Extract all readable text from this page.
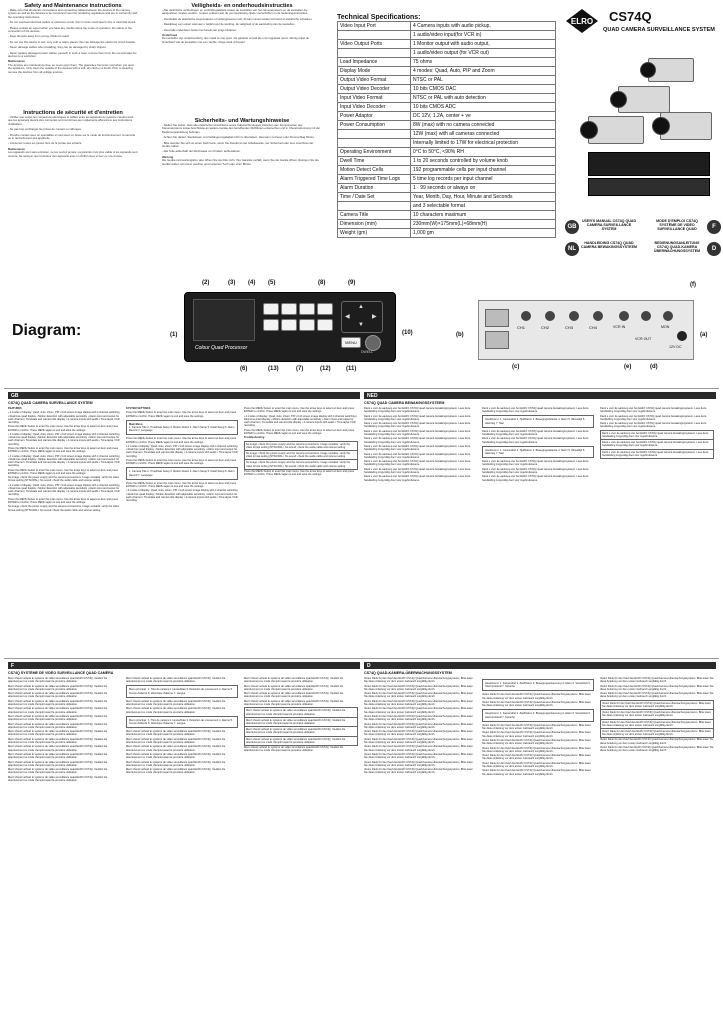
Safety and Maintenance instructions

- Make sure that all electric connections and connecting cables between the devices of the camera system as well as the devices to be connected meet the pertaining regulations and are in conformity with the operating instructions.

- Do not overload electrical outlets or extension cords, this in return could lead to fire or electrical shock.

- Please contact an expert when you have any doubts about the mode of operation, the safety or the connection of the devices.

- Keep all parts away from young children's reach.

- Do not use this device in wet, very cold or warm places; this can damage the electronic circuit boards.

- Never damage cables when installing; they can be damaged by sharp objects.

- Never replace damaged power cables yourself; in such a case, remove them from the net and take the devices to a workshop.

Maintenance

The devices are maintenance-free, so never open them. The guarantee becomes void when you open the appliance. Only clean the outside of the devices with a soft, dry cloth or a brush. Prior to cleaning, remove the devices from all voltage sources.

Instructions de sécurité et d'entretien

- Vérifier que toutes les connexions électriques et câbles entre les appareils du système caméra ainsi que les appareils devant être connectés sont conformes aux règlements afférents et aux instructions d'utilisation.

- Ne pas trop surcharger les prises de courant ou rallonges.

- Prendre contact avec un spécialiste si vous avez un doute sur le mode de fonctionnement, la sécurité ou le raccordement des appareils.

- Conserver toutes les pièces hors de la portée des enfants.

Maintenance

Les appareils sont sans entretien, ne les ouvrez jamais. La garantie n'est plus valide si les appareils sont ouverts. Ne nettoyer que l'extérieur des appareils avec un chiffon doux et sec ou une brosse.

Veiligheids- en onderhoudsinstructies

- Alle elektrische verbindingen en verbindingskabels tussen de toestellen van het camerasysteem en de toestellen die aangesloten moeten worden, moeten voldoen aan de van toepassing zijnde voorschriften en de bedieningsinstructies.

- Overbelast de elektrische stopcontacten of verlengsnoeren niet; dit kan immers leiden tot brand of elektrische schokken.

- Raadpleeg een expert wanneer u twijfelt over de werking, de veiligheid of de aansluiting van de toestellen.

- Houd alle onderdelen buiten het bereik van jonge kinderen.

Onderhoud

De toestellen zijn onderhoudsvrij, dus maak ze niet open. De garantie vervalt als u het apparaat opent. Reinig enkel de buitenkant van de toestellen met een zachte, droge doek of borstel.

Sicherheits- und Wartungshinweise

- Stellen Sie sicher, dass alle elektrischen Anschlüsse sowie Kabelverbindungen zwischen den Komponenten des Kamerasystems sowie Anschlüsse an weitere Geräte den betreffenden Richtlinien entsprechen und in Übereinstimmung mit der Bedienungsanleitung befinden.

- Achten Sie darauf, Steckdosen und Verlängerungskabel nicht zu überlasten, dies kann zu Feuer oder Stromschlag führen.

- Bitte wenden Sie sich an einen Fachmann, wenn Sie Zweifel an der Arbeitsweise, der Sicherheit oder dem Anschluss der Geräte haben.

- Alle Teile außerhalb der Reichweite von Kindern aufbewahren.

Wartung

Die Geräte sind wartungsfrei, also öffnen Sie sie bitte nicht. Ihre Garantie verfällt, wenn Sie die Geräte öffnen. Reinigen Sie die Geräte außen mit einem weichen und trockenen Tuch oder einer Bürste.

Technical Specifications:
Video Input Port	4 Camera inputs with audio pickup,
	1 audio/video input(for VCR in)
Video Output Ports	1 Monitor output with audio output,
	1 audio/video output (for VCR out)
Load Impedance	75 ohms
Display Mode	4 modes: Quad, Auto, PIP and Zoom
Output Video Format	NTSC or PAL
Output Video Decoder	10 bits CMOS DAC
Input Video Format	NTSC or PAL with auto detection
Input Video Decoder	10 bits CMOS ADC
Power Adaptor	DC 12V, 1.2A, center + ve
Power Consumption	8W (max) with no camera connected
	12W (max) with all cameras connected
	Internally limited to 17W for electrical protection
Operating Environment	0°C to 50°C, <90% RH
Dwell Time	1 to 20 seconds controlled by volume knob
Motion Detect Cells	192 programmable cells per input channel
Alarm Triggered Time Logs	5 time log records per input channel
Alarm Duration	1 · 99 seconds or always on
Time / Date Set	Year, Month, Day, Hour, Minute and Seconds
	and 3 selectable format
Camera Title	10 characters maximum
Dimension (mm)	230mm(W)×175mm(L)×68mm(H)
Weight (gm)	1,000 gm
ELRO CS74Q
QUAD CAMERA SURVEILLANCE SYSTEM
GB
USER'S MANUAL CS74Q QUAD CAMERA SURVEILLANCE SYSTEM	F
MODE D'EMPLOI CS74Q SYSTÈME DE VIDÉO SURVEILLANCE QUAD
NL
HANDLEIDING CS74Q QUAD CAMERA BEWAKINGSSYSTEEM	D
BEDIENUNGSANLEITUNG CS74Q QUAD-KAMERA ÜBERWACHUNGSSYSTEM
Diagram:	(1)
(2)	(3) (4) (5)
(6)	(7)
(8)	(9)
(10)
(11)
(12)
(13)
▲
▼
◀	▶
MENU
DWELL
Colour Quad Processor
(b)
(c)	(d)
(e)
(a)
(f)
CH1	CH2	CH3	CH4	VCR IN
VCR OUT
MON
12V DC
GB
CS74Q QUAD CAMERA SURVEILLANCE SYSTEM

FEATURES

• 4 modes of display: Quad, Auto, Zoom, PIP • Full screen image display with 4 channel switching • Real time quad display • Motion detection with adjustable sensitivity • Alarm input and output for each channel • Time/date and camera title display • 4 camera inputs with audio • Time-lapse VCR recording.

Press the MENU button to enter the main menu. Use the arrow keys to select an item and press ENTER to confirm. Press MENU again to exit and save the settings.

• 4 modes of display: Quad, Auto, Zoom, PIP • Full screen image display with 4 channel switching • Real time quad display • Motion detection with adjustable sensitivity • Alarm input and output for each channel • Time/date and camera title display • 4 camera inputs with audio • Time-lapse VCR recording.

Press the MENU button to enter the main menu. Use the arrow keys to select an item and press ENTER to confirm. Press MENU again to exit and save the settings.

• 4 modes of display: Quad, Auto, Zoom, PIP • Full screen image display with 4 channel switching • Real time quad display • Motion detection with adjustable sensitivity • Alarm input and output for each channel • Time/date and camera title display • 4 camera inputs with audio • Time-lapse VCR recording.

Press the MENU button to enter the main menu. Use the arrow keys to select an item and press ENTER to confirm. Press MENU again to exit and save the settings.

No image: check the power supply and the camera connections. Image unstable: verify the video format setting (NTSC/PAL). No sound: check the audio cable and volume setting.

• 4 modes of display: Quad, Auto, Zoom, PIP • Full screen image display with 4 channel switching • Real time quad display • Motion detection with adjustable sensitivity • Alarm input and output for each channel • Time/date and camera title display • 4 camera inputs with audio • Time-lapse VCR recording.

Press the MENU button to enter the main menu. Use the arrow keys to select an item and press ENTER to confirm. Press MENU again to exit and save the settings.

No image: check the power supply and the camera connections. Image unstable: verify the video format setting (NTSC/PAL). No sound: check the audio cable and volume setting.

SYSTEM SETTINGS

Press the MENU button to enter the main menu. Use the arrow keys to select an item and press ENTER to confirm. Press MENU again to exit and save the settings.

Main Menu
1. Camera Title 2. Time/Date Setup 3. Motion Detect 4. Alarm Setup 5. Dwell Setup 6. Alarm Record 7. Language

Press the MENU button to enter the main menu. Use the arrow keys to select an item and press ENTER to confirm. Press MENU again to exit and save the settings.

• 4 modes of display: Quad, Auto, Zoom, PIP • Full screen image display with 4 channel switching • Real time quad display • Motion detection with adjustable sensitivity • Alarm input and output for each channel • Time/date and camera title display • 4 camera inputs with audio • Time-lapse VCR recording.

Press the MENU button to enter the main menu. Use the arrow keys to select an item and press ENTER to confirm. Press MENU again to exit and save the settings.

1. Camera Title 2. Time/Date Setup 3. Motion Detect 4. Alarm Setup 5. Dwell Setup 6. Alarm Record 7. Language

Press the MENU button to enter the main menu. Use the arrow keys to select an item and press ENTER to confirm. Press MENU again to exit and save the settings.

• 4 modes of display: Quad, Auto, Zoom, PIP • Full screen image display with 4 channel switching • Real time quad display • Motion detection with adjustable sensitivity • Alarm input and output for each channel • Time/date and camera title display • 4 camera inputs with audio • Time-lapse VCR recording.

Press the MENU button to enter the main menu. Use the arrow keys to select an item and press ENTER to confirm. Press MENU again to exit and save the settings.

• 4 modes of display: Quad, Auto, Zoom, PIP • Full screen image display with 4 channel switching • Real time quad display • Motion detection with adjustable sensitivity • Alarm input and output for each channel • Time/date and camera title display • 4 camera inputs with audio • Time-lapse VCR recording.

Press the MENU button to enter the main menu. Use the arrow keys to select an item and press ENTER to confirm. Press MENU again to exit and save the settings.

Troubleshooting

No image: check the power supply and the camera connections. Image unstable: verify the video format setting (NTSC/PAL). No sound: check the audio cable and volume setting.
No image: check the power supply and the camera connections. Image unstable: verify the video format setting (NTSC/PAL). No sound: check the audio cable and volume setting.
No image: check the power supply and the camera connections. Image unstable: verify the video format setting (NTSC/PAL). No sound: check the audio cable and volume setting.

Press the MENU button to enter the main menu. Use the arrow keys to select an item and press ENTER to confirm. Press MENU again to exit and save the settings.

NED
CS74Q QUAD CAMERA BEWAKINGSSYSTEEM

Dank u voor de aankoop van het ELRO CS74Q quad camera bewakingssysteem. Lees deze handleiding zorgvuldig door voor ingebruikname.

Dank u voor de aankoop van het ELRO CS74Q quad camera bewakingssysteem. Lees deze handleiding zorgvuldig door voor ingebruikname.

Dank u voor de aankoop van het ELRO CS74Q quad camera bewakingssysteem. Lees deze handleiding zorgvuldig door voor ingebruikname.

Dank u voor de aankoop van het ELRO CS74Q quad camera bewakingssysteem. Lees deze handleiding zorgvuldig door voor ingebruikname.

Dank u voor de aankoop van het ELRO CS74Q quad camera bewakingssysteem. Lees deze handleiding zorgvuldig door voor ingebruikname.

Dank u voor de aankoop van het ELRO CS74Q quad camera bewakingssysteem. Lees deze handleiding zorgvuldig door voor ingebruikname.

Dank u voor de aankoop van het ELRO CS74Q quad camera bewakingssysteem. Lees deze handleiding zorgvuldig door voor ingebruikname.

Dank u voor de aankoop van het ELRO CS74Q quad camera bewakingssysteem. Lees deze handleiding zorgvuldig door voor ingebruikname.

Dank u voor de aankoop van het ELRO CS74Q quad camera bewakingssysteem. Lees deze handleiding zorgvuldig door voor ingebruikname.

Dank u voor de aankoop van het ELRO CS74Q quad camera bewakingssysteem. Lees deze handleiding zorgvuldig door voor ingebruikname.

Dank u voor de aankoop van het ELRO CS74Q quad camera bewakingssysteem. Lees deze handleiding zorgvuldig door voor ingebruikname.

Hoofdmenu: 1. Cameratitel 2. Tijd/Datum 3. Bewegingsdetectie 4. Alarm 5. Wisseltijd 6. Alarmlog 7. Taal

Dank u voor de aankoop van het ELRO CS74Q quad camera bewakingssysteem. Lees deze handleiding zorgvuldig door voor ingebruikname.

Dank u voor de aankoop van het ELRO CS74Q quad camera bewakingssysteem. Lees deze handleiding zorgvuldig door voor ingebruikname.

Hoofdmenu: 1. Cameratitel 2. Tijd/Datum 3. Bewegingsdetectie 4. Alarm 5. Wisseltijd 6. Alarmlog 7. Taal

Dank u voor de aankoop van het ELRO CS74Q quad camera bewakingssysteem. Lees deze handleiding zorgvuldig door voor ingebruikname.

Dank u voor de aankoop van het ELRO CS74Q quad camera bewakingssysteem. Lees deze handleiding zorgvuldig door voor ingebruikname.

Dank u voor de aankoop van het ELRO CS74Q quad camera bewakingssysteem. Lees deze handleiding zorgvuldig door voor ingebruikname.

Dank u voor de aankoop van het ELRO CS74Q quad camera bewakingssysteem. Lees deze handleiding zorgvuldig door voor ingebruikname.

Dank u voor de aankoop van het ELRO CS74Q quad camera bewakingssysteem. Lees deze handleiding zorgvuldig door voor ingebruikname.

Dank u voor de aankoop van het ELRO CS74Q quad camera bewakingssysteem. Lees deze handleiding zorgvuldig door voor ingebruikname.

Dank u voor de aankoop van het ELRO CS74Q quad camera bewakingssysteem. Lees deze handleiding zorgvuldig door voor ingebruikname.
Dank u voor de aankoop van het ELRO CS74Q quad camera bewakingssysteem. Lees deze handleiding zorgvuldig door voor ingebruikname.
Dank u voor de aankoop van het ELRO CS74Q quad camera bewakingssysteem. Lees deze handleiding zorgvuldig door voor ingebruikname.
F
CS74Q SYSTÈME DE VIDÉO SURVEILLANCE QUAD CAMÉRA

Merci d'avoir acheté le système de vidéo surveillance quad ELRO CS74Q. Veuillez lire attentivement ce mode d'emploi avant la première utilisation.

Merci d'avoir acheté le système de vidéo surveillance quad ELRO CS74Q. Veuillez lire attentivement ce mode d'emploi avant la première utilisation.

Merci d'avoir acheté le système de vidéo surveillance quad ELRO CS74Q. Veuillez lire attentivement ce mode d'emploi avant la première utilisation.

Merci d'avoir acheté le système de vidéo surveillance quad ELRO CS74Q. Veuillez lire attentivement ce mode d'emploi avant la première utilisation.

Merci d'avoir acheté le système de vidéo surveillance quad ELRO CS74Q. Veuillez lire attentivement ce mode d'emploi avant la première utilisation.

Merci d'avoir acheté le système de vidéo surveillance quad ELRO CS74Q. Veuillez lire attentivement ce mode d'emploi avant la première utilisation.

Merci d'avoir acheté le système de vidéo surveillance quad ELRO CS74Q. Veuillez lire attentivement ce mode d'emploi avant la première utilisation.

Merci d'avoir acheté le système de vidéo surveillance quad ELRO CS74Q. Veuillez lire attentivement ce mode d'emploi avant la première utilisation.

Merci d'avoir acheté le système de vidéo surveillance quad ELRO CS74Q. Veuillez lire attentivement ce mode d'emploi avant la première utilisation.

Merci d'avoir acheté le système de vidéo surveillance quad ELRO CS74Q. Veuillez lire attentivement ce mode d'emploi avant la première utilisation.

Merci d'avoir acheté le système de vidéo surveillance quad ELRO CS74Q. Veuillez lire attentivement ce mode d'emploi avant la première utilisation.

Merci d'avoir acheté le système de vidéo surveillance quad ELRO CS74Q. Veuillez lire attentivement ce mode d'emploi avant la première utilisation.

Merci d'avoir acheté le système de vidéo surveillance quad ELRO CS74Q. Veuillez lire attentivement ce mode d'emploi avant la première utilisation.

Merci d'avoir acheté le système de vidéo surveillance quad ELRO CS74Q. Veuillez lire attentivement ce mode d'emploi avant la première utilisation.

Merci d'avoir acheté le système de vidéo surveillance quad ELRO CS74Q. Veuillez lire attentivement ce mode d'emploi avant la première utilisation.

Menu principal : 1. Titre de caméra 2. Heure/Date 3. Détection de mouvement 4. Alarme 5. Temps d'attente 6. Historique d'alarme 7. Langue

Merci d'avoir acheté le système de vidéo surveillance quad ELRO CS74Q. Veuillez lire attentivement ce mode d'emploi avant la première utilisation.

Merci d'avoir acheté le système de vidéo surveillance quad ELRO CS74Q. Veuillez lire attentivement ce mode d'emploi avant la première utilisation.

Menu principal : 1. Titre de caméra 2. Heure/Date 3. Détection de mouvement 4. Alarme 5. Temps d'attente 6. Historique d'alarme 7. Langue

Merci d'avoir acheté le système de vidéo surveillance quad ELRO CS74Q. Veuillez lire attentivement ce mode d'emploi avant la première utilisation.

Merci d'avoir acheté le système de vidéo surveillance quad ELRO CS74Q. Veuillez lire attentivement ce mode d'emploi avant la première utilisation.

Merci d'avoir acheté le système de vidéo surveillance quad ELRO CS74Q. Veuillez lire attentivement ce mode d'emploi avant la première utilisation.

Merci d'avoir acheté le système de vidéo surveillance quad ELRO CS74Q. Veuillez lire attentivement ce mode d'emploi avant la première utilisation.

Merci d'avoir acheté le système de vidéo surveillance quad ELRO CS74Q. Veuillez lire attentivement ce mode d'emploi avant la première utilisation.

Merci d'avoir acheté le système de vidéo surveillance quad ELRO CS74Q. Veuillez lire attentivement ce mode d'emploi avant la première utilisation.

Merci d'avoir acheté le système de vidéo surveillance quad ELRO CS74Q. Veuillez lire attentivement ce mode d'emploi avant la première utilisation.

Merci d'avoir acheté le système de vidéo surveillance quad ELRO CS74Q. Veuillez lire attentivement ce mode d'emploi avant la première utilisation.

Merci d'avoir acheté le système de vidéo surveillance quad ELRO CS74Q. Veuillez lire attentivement ce mode d'emploi avant la première utilisation.

Merci d'avoir acheté le système de vidéo surveillance quad ELRO CS74Q. Veuillez lire attentivement ce mode d'emploi avant la première utilisation.

Merci d'avoir acheté le système de vidéo surveillance quad ELRO CS74Q. Veuillez lire attentivement ce mode d'emploi avant la première utilisation.
Merci d'avoir acheté le système de vidéo surveillance quad ELRO CS74Q. Veuillez lire attentivement ce mode d'emploi avant la première utilisation.
Merci d'avoir acheté le système de vidéo surveillance quad ELRO CS74Q. Veuillez lire attentivement ce mode d'emploi avant la première utilisation.
Merci d'avoir acheté le système de vidéo surveillance quad ELRO CS74Q. Veuillez lire attentivement ce mode d'emploi avant la première utilisation.

Merci d'avoir acheté le système de vidéo surveillance quad ELRO CS74Q. Veuillez lire attentivement ce mode d'emploi avant la première utilisation.

D
CS74Q QUAD-KAMERA-ÜBERWACHUNGSSYSTEM

Vielen Dank für den Kauf des ELRO CS74Q Quad-Kamera-Überwachungssystems. Bitte lesen Sie diese Anleitung vor dem ersten Gebrauch sorgfältig durch.

Vielen Dank für den Kauf des ELRO CS74Q Quad-Kamera-Überwachungssystems. Bitte lesen Sie diese Anleitung vor dem ersten Gebrauch sorgfältig durch.

Vielen Dank für den Kauf des ELRO CS74Q Quad-Kamera-Überwachungssystems. Bitte lesen Sie diese Anleitung vor dem ersten Gebrauch sorgfältig durch.

Vielen Dank für den Kauf des ELRO CS74Q Quad-Kamera-Überwachungssystems. Bitte lesen Sie diese Anleitung vor dem ersten Gebrauch sorgfältig durch.

Vielen Dank für den Kauf des ELRO CS74Q Quad-Kamera-Überwachungssystems. Bitte lesen Sie diese Anleitung vor dem ersten Gebrauch sorgfältig durch.

Vielen Dank für den Kauf des ELRO CS74Q Quad-Kamera-Überwachungssystems. Bitte lesen Sie diese Anleitung vor dem ersten Gebrauch sorgfältig durch.

Vielen Dank für den Kauf des ELRO CS74Q Quad-Kamera-Überwachungssystems. Bitte lesen Sie diese Anleitung vor dem ersten Gebrauch sorgfältig durch.

Vielen Dank für den Kauf des ELRO CS74Q Quad-Kamera-Überwachungssystems. Bitte lesen Sie diese Anleitung vor dem ersten Gebrauch sorgfältig durch.

Vielen Dank für den Kauf des ELRO CS74Q Quad-Kamera-Überwachungssystems. Bitte lesen Sie diese Anleitung vor dem ersten Gebrauch sorgfältig durch.

Vielen Dank für den Kauf des ELRO CS74Q Quad-Kamera-Überwachungssystems. Bitte lesen Sie diese Anleitung vor dem ersten Gebrauch sorgfältig durch.

Vielen Dank für den Kauf des ELRO CS74Q Quad-Kamera-Überwachungssystems. Bitte lesen Sie diese Anleitung vor dem ersten Gebrauch sorgfältig durch.

Vielen Dank für den Kauf des ELRO CS74Q Quad-Kamera-Überwachungssystems. Bitte lesen Sie diese Anleitung vor dem ersten Gebrauch sorgfältig durch.

Vielen Dank für den Kauf des ELRO CS74Q Quad-Kamera-Überwachungssystems. Bitte lesen Sie diese Anleitung vor dem ersten Gebrauch sorgfältig durch.

Hauptmenü: 1. Kameratitel 2. Zeit/Datum 3. Bewegungserkennung 4. Alarm 5. Verweilzeit 6. Alarmprotokoll 7. Sprache

Vielen Dank für den Kauf des ELRO CS74Q Quad-Kamera-Überwachungssystems. Bitte lesen Sie diese Anleitung vor dem ersten Gebrauch sorgfältig durch.

Vielen Dank für den Kauf des ELRO CS74Q Quad-Kamera-Überwachungssystems. Bitte lesen Sie diese Anleitung vor dem ersten Gebrauch sorgfältig durch.

Hauptmenü: 1. Kameratitel 2. Zeit/Datum 3. Bewegungserkennung 4. Alarm 5. Verweilzeit 6. Alarmprotokoll 7. Sprache

Vielen Dank für den Kauf des ELRO CS74Q Quad-Kamera-Überwachungssystems. Bitte lesen Sie diese Anleitung vor dem ersten Gebrauch sorgfältig durch.

Vielen Dank für den Kauf des ELRO CS74Q Quad-Kamera-Überwachungssystems. Bitte lesen Sie diese Anleitung vor dem ersten Gebrauch sorgfältig durch.

Vielen Dank für den Kauf des ELRO CS74Q Quad-Kamera-Überwachungssystems. Bitte lesen Sie diese Anleitung vor dem ersten Gebrauch sorgfältig durch.

Vielen Dank für den Kauf des ELRO CS74Q Quad-Kamera-Überwachungssystems. Bitte lesen Sie diese Anleitung vor dem ersten Gebrauch sorgfältig durch.

Vielen Dank für den Kauf des ELRO CS74Q Quad-Kamera-Überwachungssystems. Bitte lesen Sie diese Anleitung vor dem ersten Gebrauch sorgfältig durch.

Vielen Dank für den Kauf des ELRO CS74Q Quad-Kamera-Überwachungssystems. Bitte lesen Sie diese Anleitung vor dem ersten Gebrauch sorgfältig durch.

Vielen Dank für den Kauf des ELRO CS74Q Quad-Kamera-Überwachungssystems. Bitte lesen Sie diese Anleitung vor dem ersten Gebrauch sorgfältig durch.

Vielen Dank für den Kauf des ELRO CS74Q Quad-Kamera-Überwachungssystems. Bitte lesen Sie diese Anleitung vor dem ersten Gebrauch sorgfältig durch.

Vielen Dank für den Kauf des ELRO CS74Q Quad-Kamera-Überwachungssystems. Bitte lesen Sie diese Anleitung vor dem ersten Gebrauch sorgfältig durch.

Vielen Dank für den Kauf des ELRO CS74Q Quad-Kamera-Überwachungssystems. Bitte lesen Sie diese Anleitung vor dem ersten Gebrauch sorgfältig durch.

Vielen Dank für den Kauf des ELRO CS74Q Quad-Kamera-Überwachungssystems. Bitte lesen Sie diese Anleitung vor dem ersten Gebrauch sorgfältig durch.
Vielen Dank für den Kauf des ELRO CS74Q Quad-Kamera-Überwachungssystems. Bitte lesen Sie diese Anleitung vor dem ersten Gebrauch sorgfältig durch.
Vielen Dank für den Kauf des ELRO CS74Q Quad-Kamera-Überwachungssystems. Bitte lesen Sie diese Anleitung vor dem ersten Gebrauch sorgfältig durch.
Vielen Dank für den Kauf des ELRO CS74Q Quad-Kamera-Überwachungssystems. Bitte lesen Sie diese Anleitung vor dem ersten Gebrauch sorgfältig durch.

Vielen Dank für den Kauf des ELRO CS74Q Quad-Kamera-Überwachungssystems. Bitte lesen Sie diese Anleitung vor dem ersten Gebrauch sorgfältig durch.

Vielen Dank für den Kauf des ELRO CS74Q Quad-Kamera-Überwachungssystems. Bitte lesen Sie diese Anleitung vor dem ersten Gebrauch sorgfältig durch.
